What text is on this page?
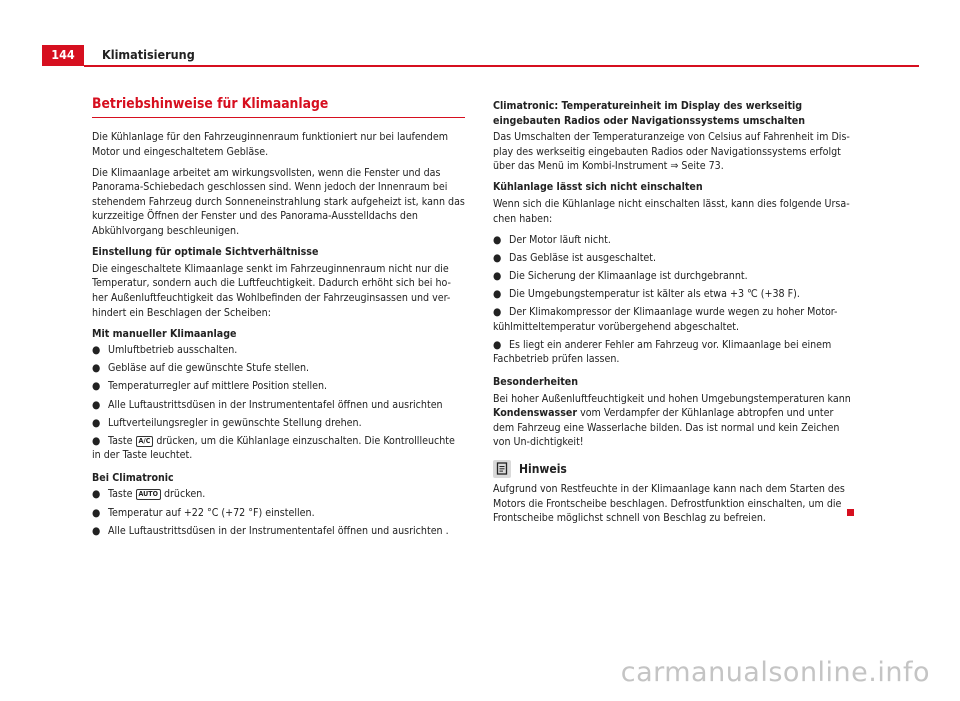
144	Klimatisierung
Betriebshinweise für Klimaanlage

Die Kühlanlage für den Fahrzeuginnenraum funktioniert nur bei laufendem Motor und eingeschaltetem Gebläse.

Die Klimaanlage arbeitet am wirkungsvollsten, wenn die Fenster und das Panorama-Schiebedach geschlossen sind. Wenn jedoch der Innenraum bei stehendem Fahrzeug durch Sonneneinstrahlung stark aufgeheizt ist, kann das kurzzeitige Öffnen der Fenster und des Panorama-Ausstelldachs den Abkühlvorgang beschleunigen.

Einstellung für optimale Sichtverhältnisse

Die eingeschaltete Klimaanlage senkt im Fahrzeuginnenraum nicht nur die Temperatur, sondern auch die Luftfeuchtigkeit. Dadurch erhöht sich bei ho-her Außenluftfeuchtigkeit das Wohlbefinden der Fahrzeuginsassen und ver-hindert ein Beschlagen der Scheiben:

Mit manueller Klimaanlage
● Umluftbetrieb ausschalten.
● Gebläse auf die gewünschte Stufe stellen.
● Temperaturregler auf mittlere Position stellen.
● Alle Luftaustrittsdüsen in der Instrumententafel öffnen und ausrichten
● Luftverteilungsregler in gewünschte Stellung drehen.
● Taste A/C drücken, um die Kühlanlage einzuschalten. Die Kontrollleuchte in der Taste leuchtet.
Bei Climatronic
● Taste AUTO drücken.
● Temperatur auf +22 °C (+72 °F) einstellen.
● Alle Luftaustrittsdüsen in der Instrumententafel öffnen und ausrichten .
Climatronic: Temperatureinheit im Display des werkseitig eingebauten Radios oder Navigationssystems umschalten

Das Umschalten der Temperaturanzeige von Celsius auf Fahrenheit im Dis-play des werkseitig eingebauten Radios oder Navigationssystems erfolgt über das Menü im Kombi-Instrument ⇒ Seite 73.

Kühlanlage lässt sich nicht einschalten

Wenn sich die Kühlanlage nicht einschalten lässt, kann dies folgende Ursa-chen haben:

● Der Motor läuft nicht.
● Das Gebläse ist ausgeschaltet.
● Die Sicherung der Klimaanlage ist durchgebrannt.
● Die Umgebungstemperatur ist kälter als etwa +3 ℃ (+38 F).
● Der Klimakompressor der Klimaanlage wurde wegen zu hoher Motor-kühlmitteltemperatur vorübergehend abgeschaltet.
● Es liegt ein anderer Fehler am Fahrzeug vor. Klimaanlage bei einem Fachbetrieb prüfen lassen.
Besonderheiten

Bei hoher Außenluftfeuchtigkeit und hohen Umgebungstemperaturen kann Kondenswasser vom Verdampfer der Kühlanlage abtropfen und unter dem Fahrzeug eine Wasserlache bilden. Das ist normal und kein Zeichen von Un-dichtigkeit!

Hinweis

Aufgrund von Restfeuchte in der Klimaanlage kann nach dem Starten des Motors die Frontscheibe beschlagen. Defrostfunktion einschalten, um die Frontscheibe möglichst schnell von Beschlag zu befreien.

carmanualsonline.info
